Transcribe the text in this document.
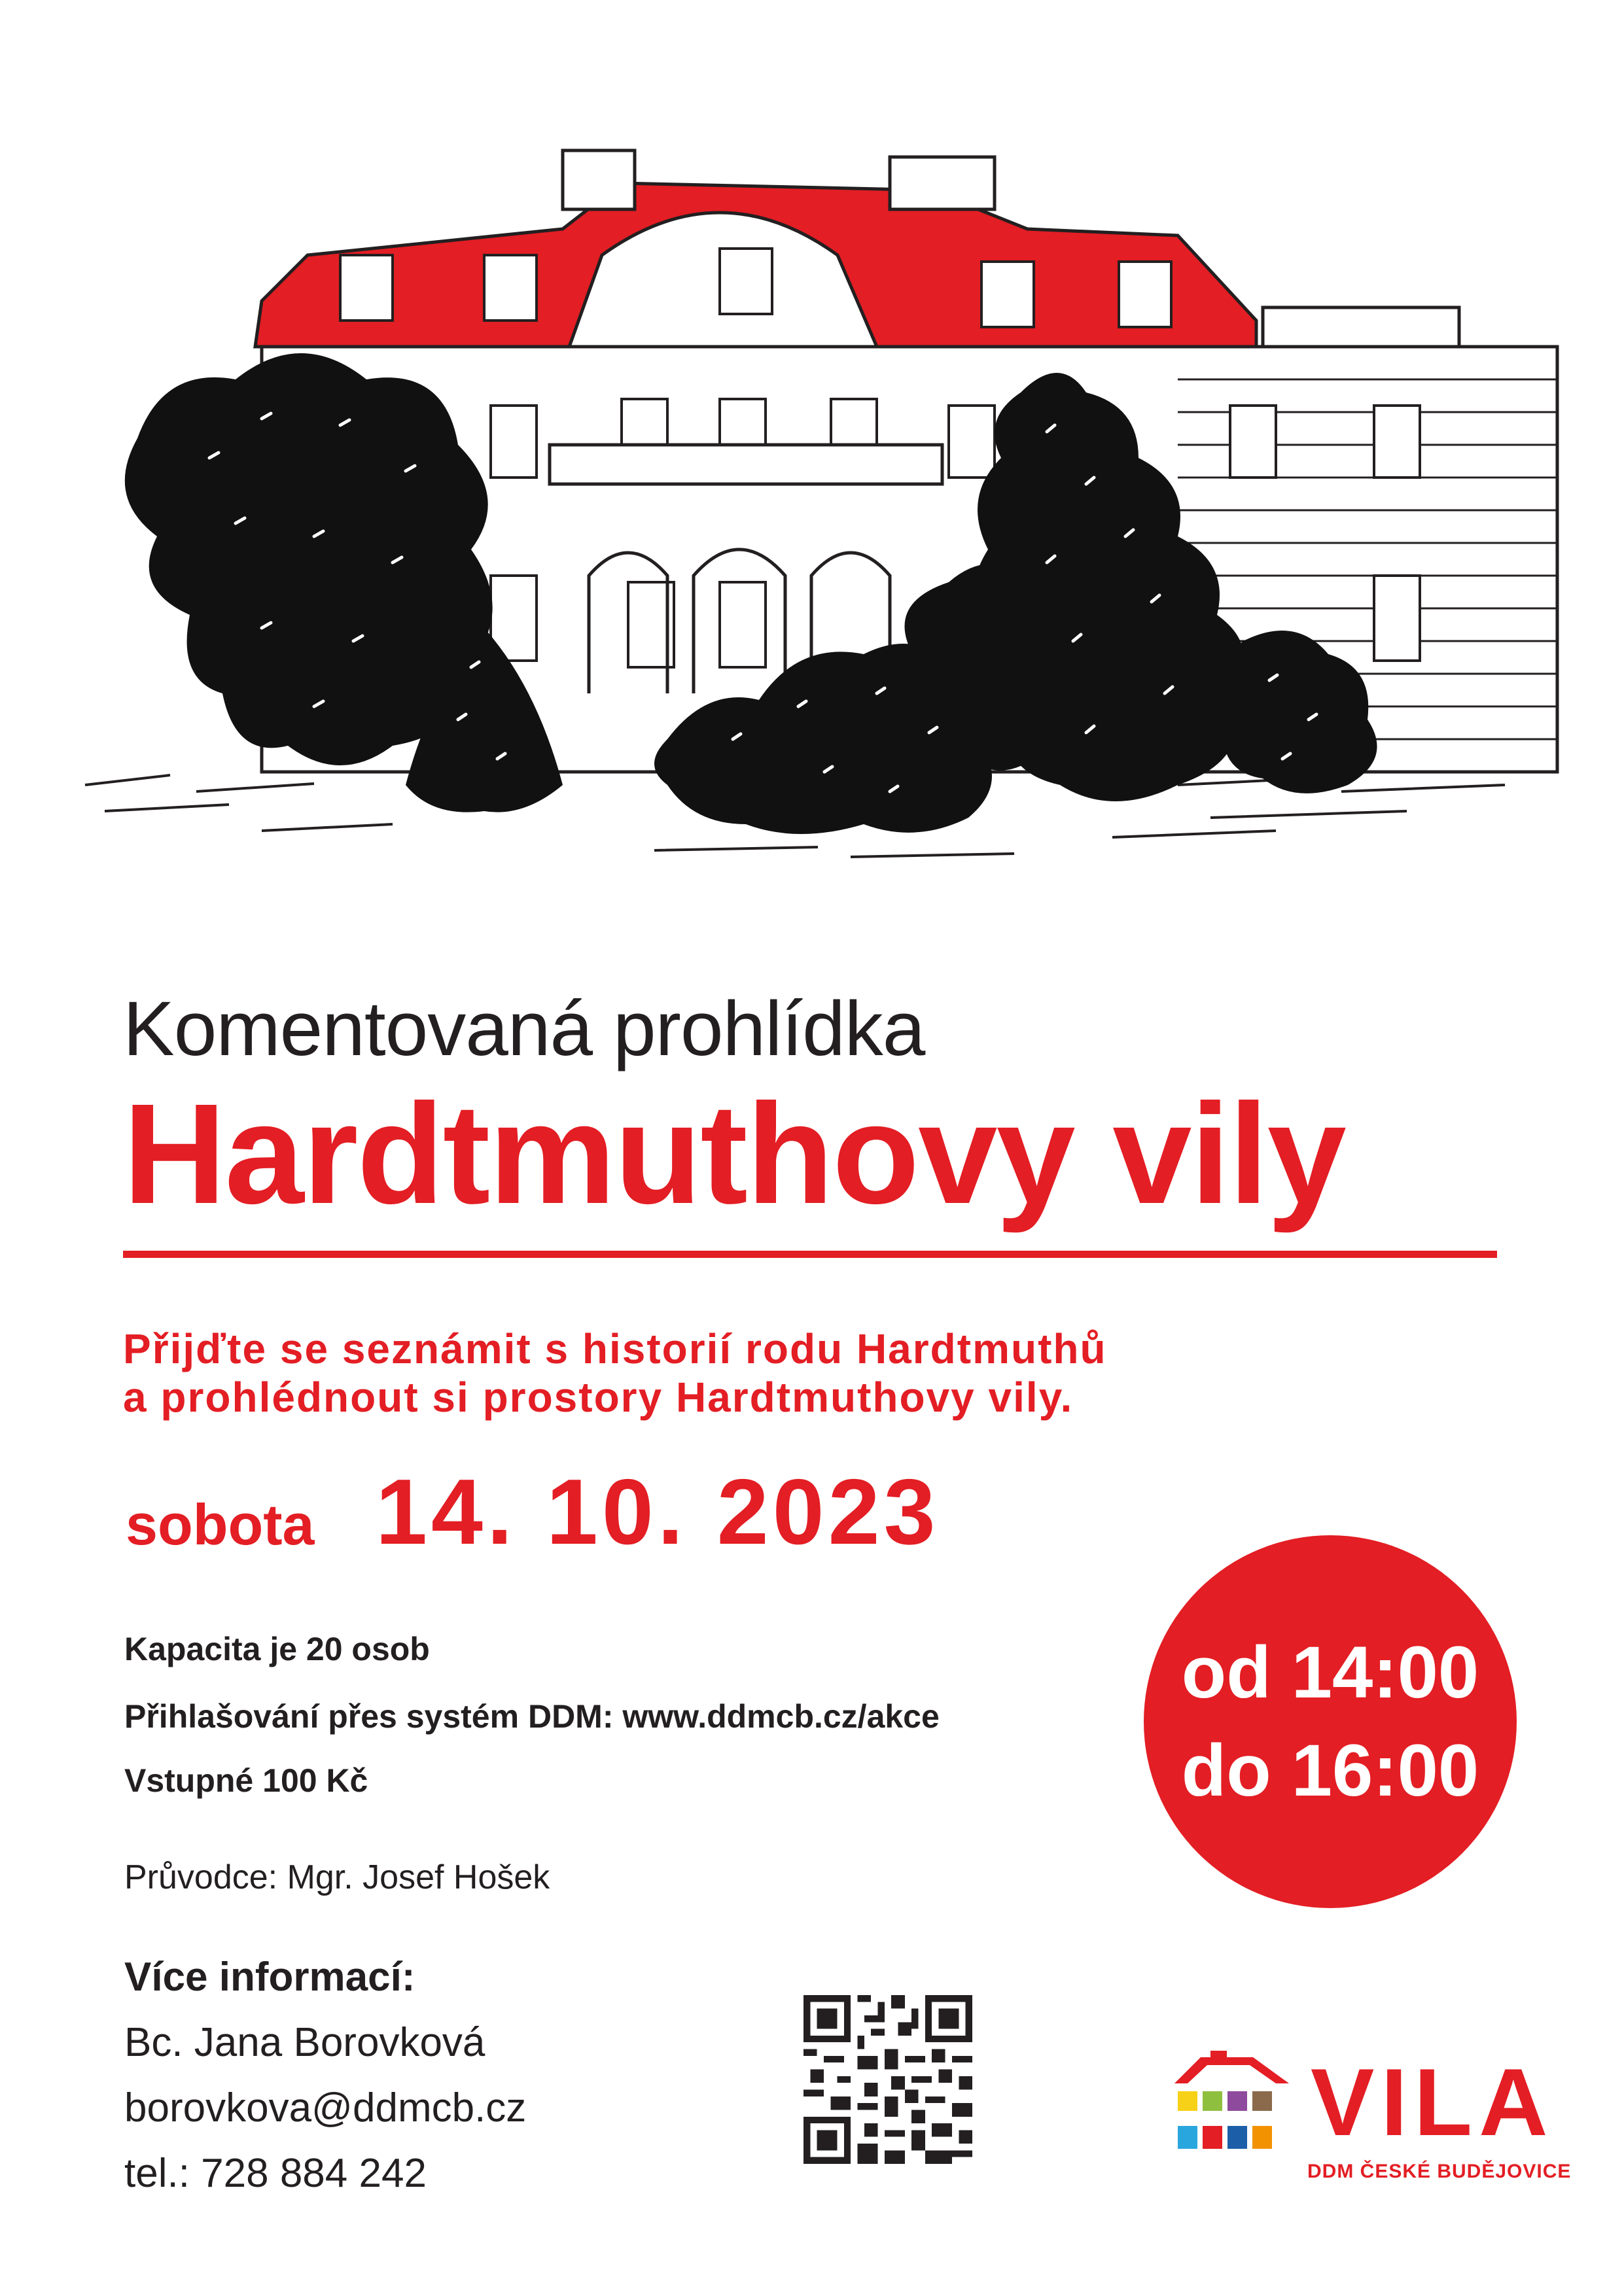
Komentovaná prohlídka
Hardtmuthovy vily
Přijďte se seznámit s historií rodu Hardtmuthů
a prohlédnout si prostory Hardtmuthovy vily.
sobota 14. 10. 2023
Kapacita je 20 osob
Přihlašování přes systém DDM: www.ddmcb.cz/akce
Vstupné 100 Kč
Průvodce: Mgr. Josef Hošek
od 14:00
do 16:00
Více informací:
Bc. Jana Borovková
borovkova@ddmcb.cz
tel.: 728 884 242
VILA
DDM ČESKÉ BUDĚJOVICE
